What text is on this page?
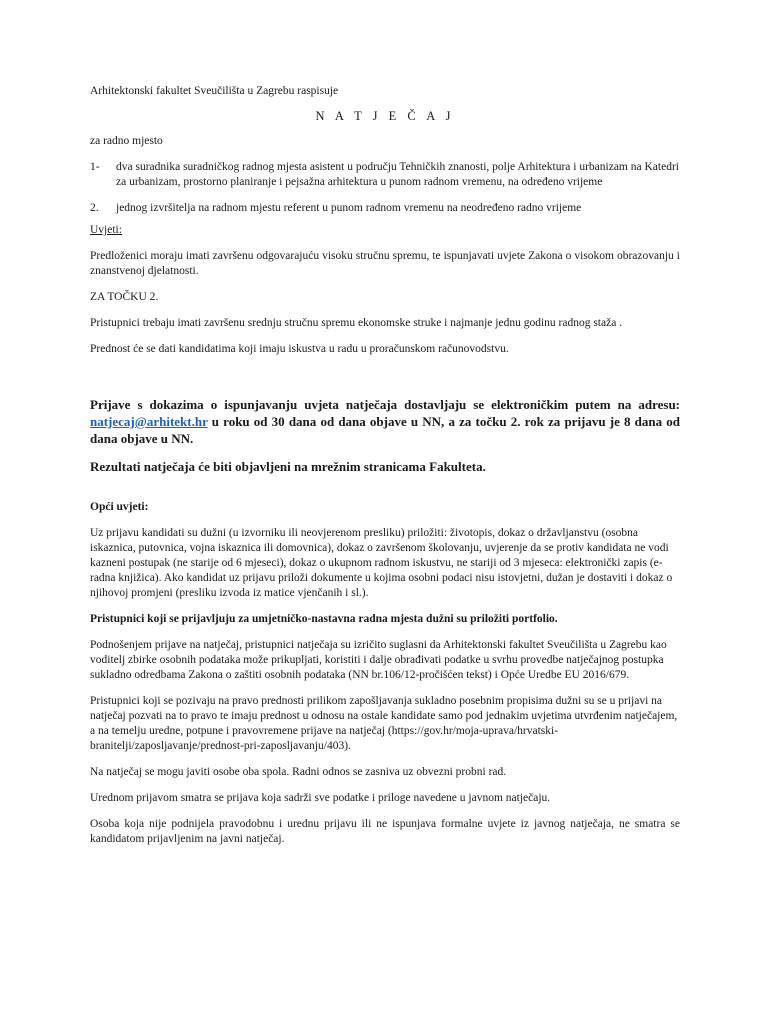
Arhitektonski fakultet Sveučilišta u Zagrebu raspisuje

N A T J E Č A J

za radno mjesto

1-	dva suradnika suradničkog radnog mjesta asistent u području Tehničkih znanosti, polje Arhitektura i urbanizam na Katedri za urbanizam, prostorno planiranje i pejsažna arhitektura u punom radnom vremenu, na određeno vrijeme
2.	jednog izvršitelja na radnom mjestu referent u punom radnom vremenu na neodređeno radno vrijeme

Uvjeti:

Predloženici moraju imati završenu odgovarajuću visoku stručnu spremu, te ispunjavati uvjete Zakona o visokom obrazovanju i znanstvenoj djelatnosti.

ZA TOČKU 2.

Pristupnici trebaju imati završenu srednju stručnu spremu ekonomske struke i najmanje jednu godinu radnog staža .

Prednost će se dati kandidatima koji imaju iskustva u radu u proračunskom računovodstvu.

Prijave s dokazima o ispunjavanju uvjeta natječaja dostavljaju se elektroničkim putem na adresu: natjecaj@arhitekt.hr u roku od 30 dana od dana objave u NN, a za točku 2. rok za prijavu je 8 dana od dana objave u NN.

Rezultati natječaja će biti objavljeni na mrežnim stranicama Fakulteta.

Opći uvjeti:

Uz prijavu kandidati su dužni (u izvorniku ili neovjerenom presliku) priložiti: životopis, dokaz o državljanstvu (osobna iskaznica, putovnica, vojna iskaznica ili domovnica), dokaz o završenom školovanju, uvjerenje da se protiv kandidata ne vodi kazneni postupak (ne starije od 6 mjeseci), dokaz o ukupnom radnom iskustvu, ne stariji od 3 mjeseca: elektronički zapis (e-radna knjižica). Ako kandidat uz prijavu priloži dokumente u kojima osobni podaci nisu istovjetni, dužan je dostaviti i dokaz o njihovoj promjeni (presliku izvoda iz matice vjenčanih i sl.).

Pristupnici koji se prijavljuju za umjetničko-nastavna radna mjesta dužni su priložiti portfolio.

Podnošenjem prijave na natječaj, pristupnici natječaja su izričito suglasni da Arhitektonski fakultet Sveučilišta u Zagrebu kao voditelj zbirke osobnih podataka može prikupljati, koristiti i dalje obrađivati podatke u svrhu provedbe natječajnog postupka sukladno odredbama Zakona o zaštiti osobnih podataka (NN br.106/12-pročišćen tekst) i Opće Uredbe EU 2016/679.

Pristupnici koji se pozivaju na pravo prednosti prilikom zapošljavanja sukladno posebnim propisima dužni su se u prijavi na natječaj pozvati na to pravo te imaju prednost u odnosu na ostale kandidate samo pod jednakim uvjetima utvrđenim natječajem, a na temelju uredne, potpune i pravovremene prijave na natječaj (https://gov.hr/moja-uprava/hrvatski-branitelji/zaposljavanje/prednost-pri-zaposljavanju/403).

Na natječaj se mogu javiti osobe oba spola. Radni odnos se zasniva uz obvezni probni rad.

Urednom prijavom smatra se prijava koja sadrži sve podatke i priloge navedene u javnom natječaju.

Osoba koja nije podnijela pravodobnu i urednu prijavu ili ne ispunjava formalne uvjete iz javnog natječaja, ne smatra se kandidatom prijavljenim na javni natječaj.
